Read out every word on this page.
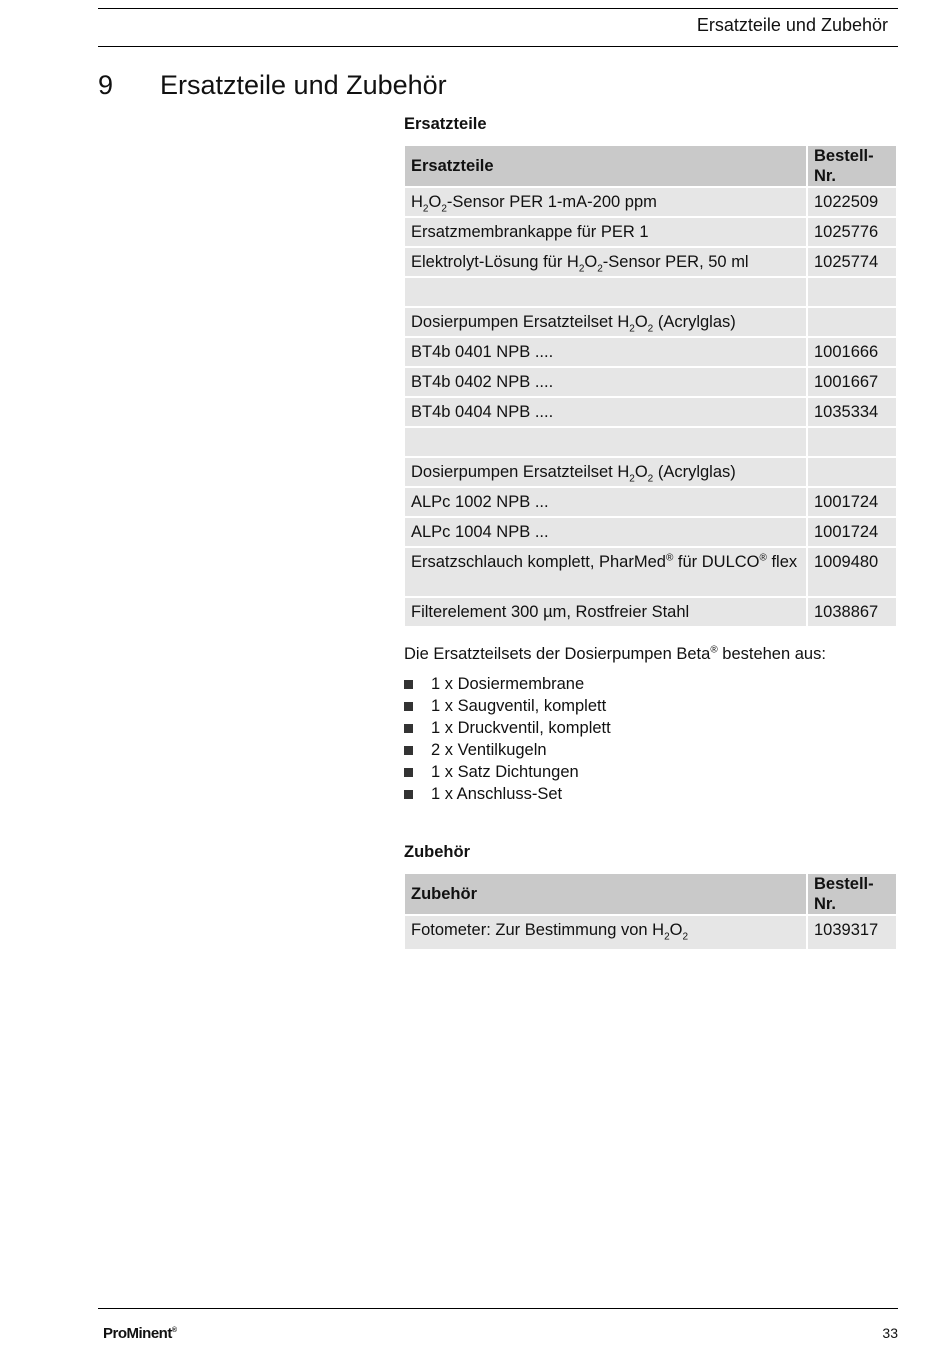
Ersatzteile und Zubehör
9 Ersatzteile und Zubehör
Ersatzteile
Ersatzteile	Bestell-Nr.
$H_2O_2$-Sensor PER 1-mA-200 ppm	1022509
Ersatzmembrankappe für PER 1	1025776
Elektrolyt-Lösung für $H_2O_2$-Sensor PER, 50 ml	1025774

Dosierpumpen Ersatzteilset $H_2O_2$ (Acrylglas)	
BT4b 0401 NPB ....	1001666
BT4b 0402 NPB ....	1001667
BT4b 0404 NPB ....	1035334

Dosierpumpen Ersatzteilset $H_2O_2$ (Acrylglas)	
ALPc 1002 NPB ...	1001724
ALPc 1004 NPB ...	1001724
Ersatzschlauch komplett, PharMed® für DULCO® flex	1009480
Filterelement 300 µm, Rostfreier Stahl	1038867
Die Ersatzteilsets der Dosierpumpen Beta® bestehen aus:
1 x Dosiermembrane
1 x Saugventil, komplett
1 x Druckventil, komplett
2 x Ventilkugeln
1 x Satz Dichtungen
1 x Anschluss-Set
Zubehör
Zubehör	Bestell-Nr.
Fotometer: Zur Bestimmung von $H_2O_2$	1039317
ProMinent®	33
